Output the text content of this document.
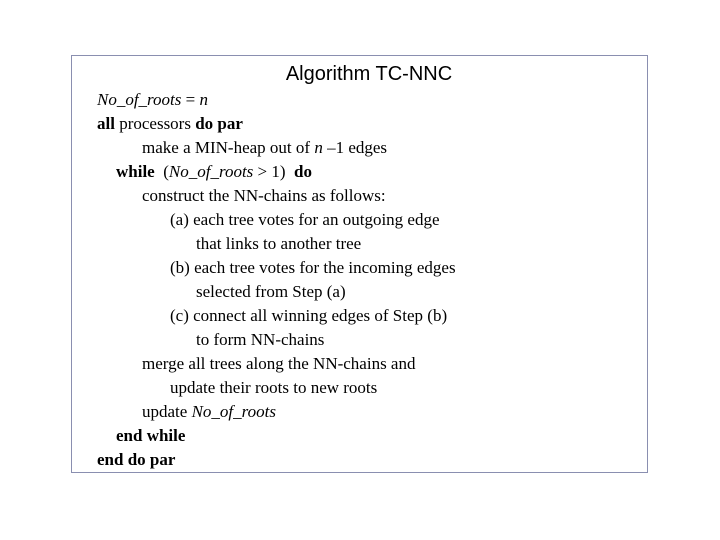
Algorithm TC-NNC
No_of_roots = n
all processors do par
make a MIN-heap out of n –1 edges
while  (No_of_roots > 1)  do
construct the NN-chains as follows:
(a) each tree votes for an outgoing edge
that links to another tree
(b) each tree votes for the incoming edges
selected from Step (a)
(c) connect all winning edges of Step (b)
to form NN-chains
merge all trees along the NN-chains and
update their roots to new roots
update No_of_roots
end while
end do par
